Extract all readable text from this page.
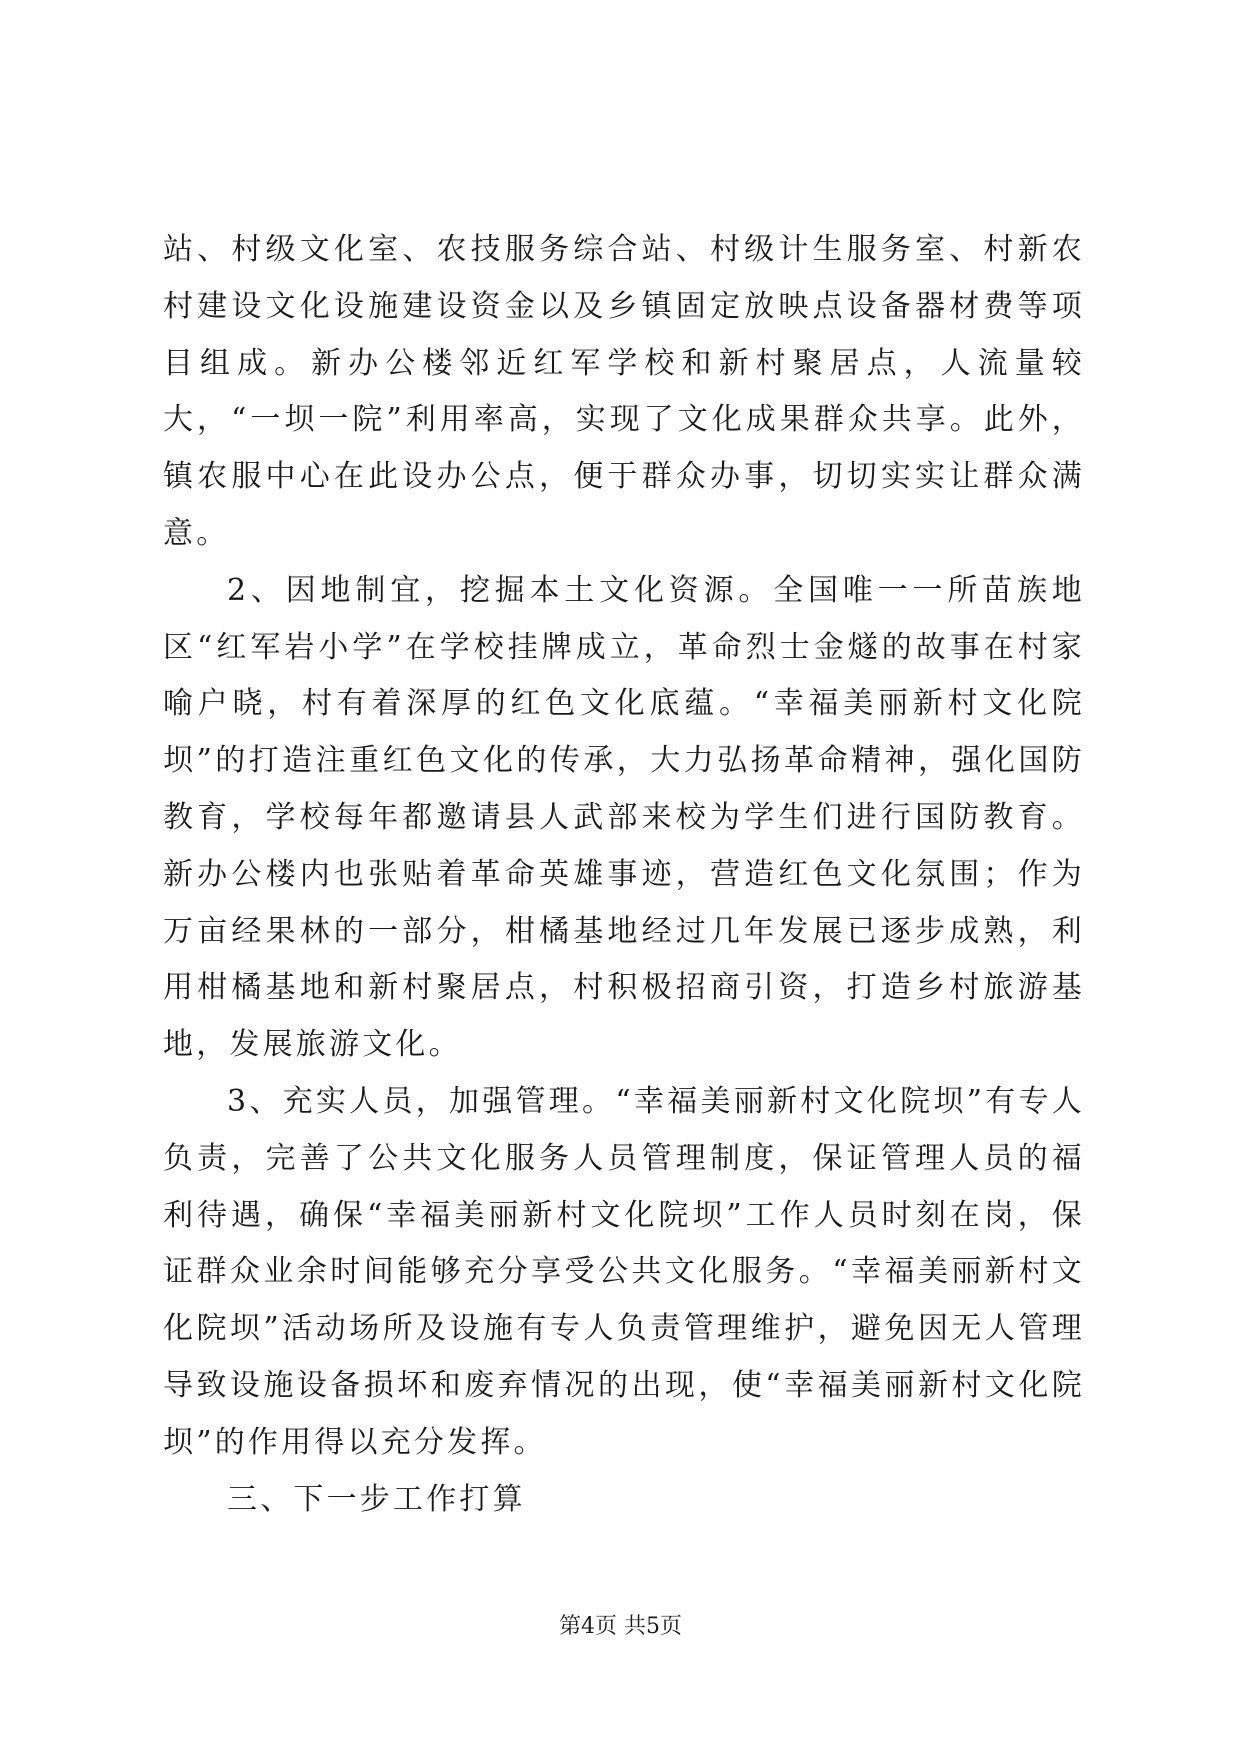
站、村级文化室、农技服务综合站、村级计生服务室、村新农村建设文化设施建设资金以及乡镇固定放映点设备器材费等项目组成。新办公楼邻近红军学校和新村聚居点，人流量较大，“一坝一院”利用率高，实现了文化成果群众共享。此外，镇农服中心在此设办公点，便于群众办事，切切实实让群众满意。

2、因地制宜，挖掘本土文化资源。全国唯一一所苗族地区“红军岩小学”在学校挂牌成立，革命烈士金燧的故事在村家喻户晓，村有着深厚的红色文化底蕴。“幸福美丽新村文化院坝”的打造注重红色文化的传承，大力弘扬革命精神，强化国防教育，学校每年都邀请县人武部来校为学生们进行国防教育。新办公楼内也张贴着革命英雄事迹，营造红色文化氛围；作为万亩经果林的一部分，柑橘基地经过几年发展已逐步成熟，利用柑橘基地和新村聚居点，村积极招商引资，打造乡村旅游基地，发展旅游文化。

3、充实人员，加强管理。“幸福美丽新村文化院坝”有专人负责，完善了公共文化服务人员管理制度，保证管理人员的福利待遇，确保“幸福美丽新村文化院坝”工作人员时刻在岗，保证群众业余时间能够充分享受公共文化服务。“幸福美丽新村文化院坝”活动场所及设施有专人负责管理维护，避免因无人管理导致设施设备损坏和废弃情况的出现，使“幸福美丽新村文化院坝”的作用得以充分发挥。

三、下一步工作打算

第4页 共5页
